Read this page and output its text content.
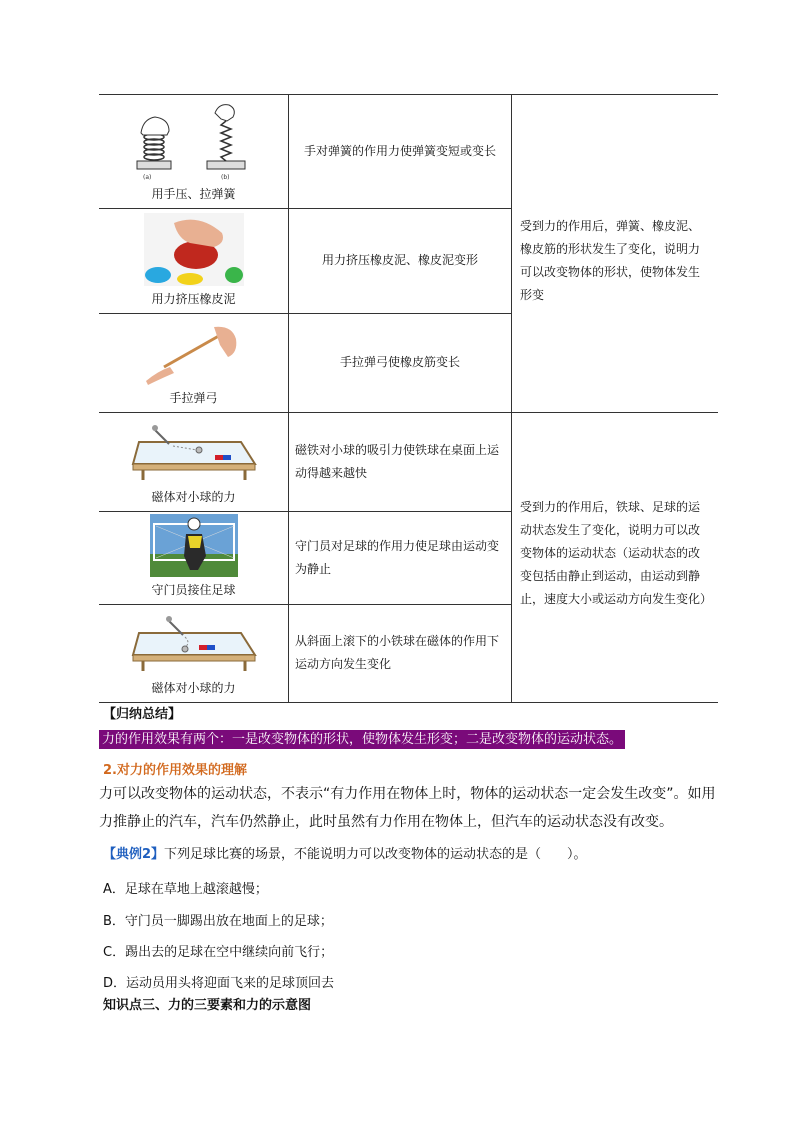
(a)	(b)
用手压、拉弹簧
手对弹簧的作用力使弹簧变短或变长
用力挤压橡皮泥
用力挤压橡皮泥、橡皮泥变形
手拉弹弓
手拉弹弓使橡皮筋变长
受到力的作用后，弹簧、橡皮泥、橡皮筋的形状发生了变化，说明力可以改变物体的形状，使物体发生形变
磁体对小球的力
磁铁对小球的吸引力使铁球在桌面上运动得越来越快
守门员接住足球
守门员对足球的作用力使足球由运动变为静止
磁体对小球的力
从斜面上滚下的小铁球在磁体的作用下运动方向发生变化
受到力的作用后，铁球、足球的运动状态发生了变化，说明力可以改变物体的运动状态（运动状态的改变包括由静止到运动，由运动到静止，速度大小或运动方向发生变化）
【归纳总结】
力的作用效果有两个：一是改变物体的形状，使物体发生形变；二是改变物体的运动状态。
2.对力的作用效果的理解
力可以改变物体的运动状态，不表示“有力作用在物体上时，物体的运动状态一定会发生改变”。如用力推静止的汽车，汽车仍然静止，此时虽然有力作用在物体上，但汽车的运动状态没有改变。
【典例2】下列足球比赛的场景，不能说明力可以改变物体的运动状态的是（　　）。
A．足球在草地上越滚越慢；
B．守门员一脚踢出放在地面上的足球；
C．踢出去的足球在空中继续向前飞行；
D．运动员用头将迎面飞来的足球顶回去
知识点三、力的三要素和力的示意图
